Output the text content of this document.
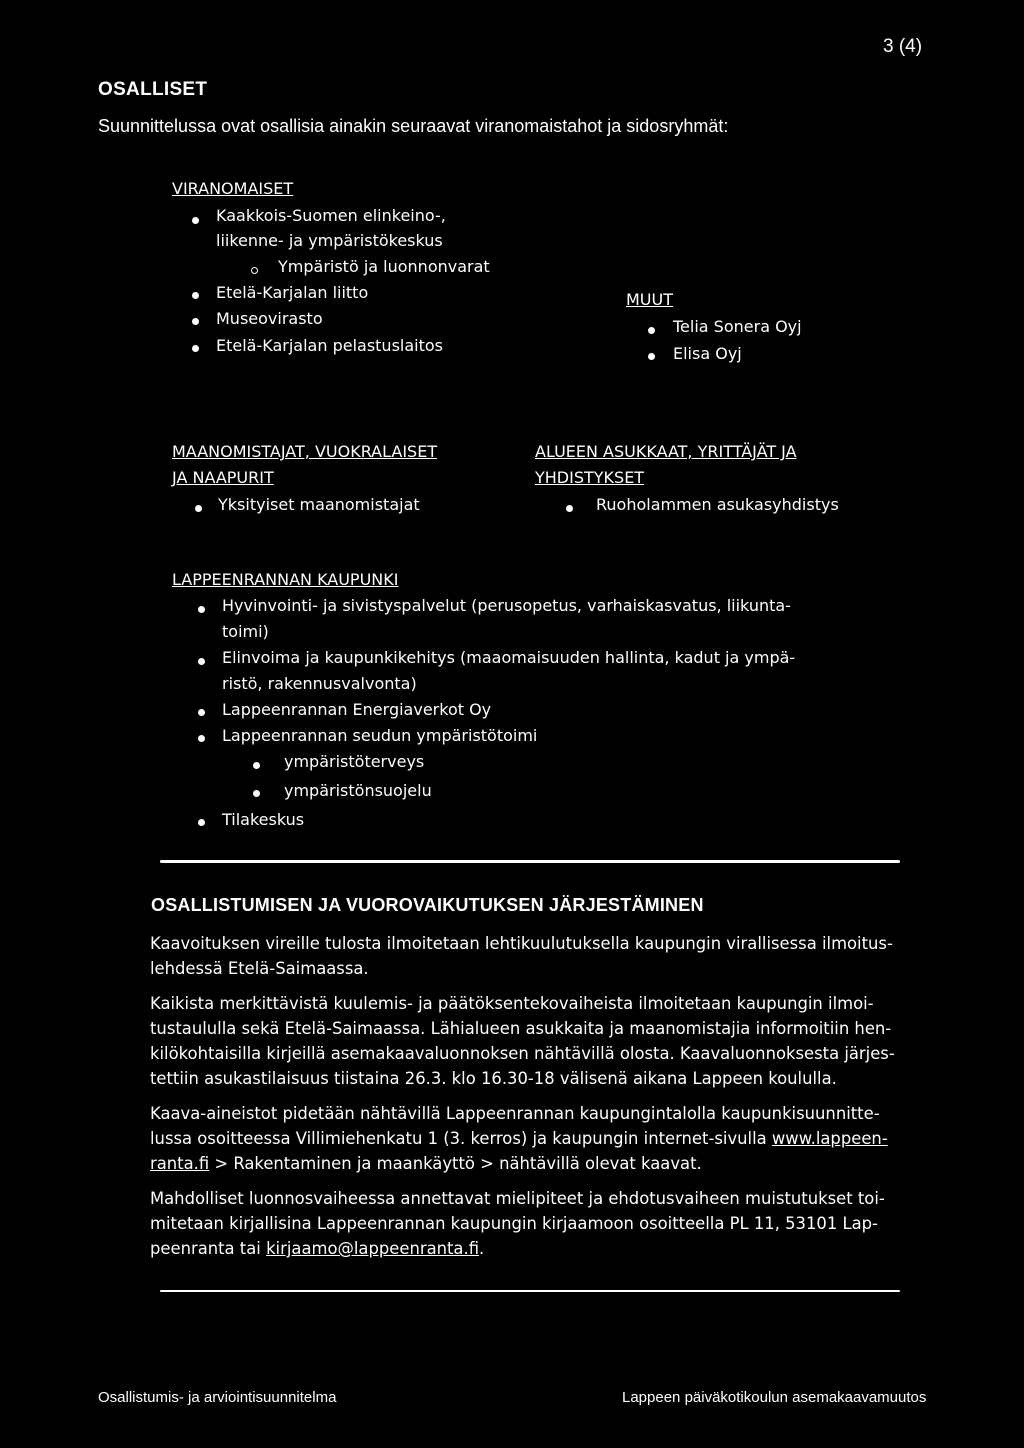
3 (4)
OSALLISET
Suunnittelussa ovat osallisia ainakin seuraavat viranomaistahot ja sidosryhmät:
VIRANOMAISET
Kaakkois-Suomen elinkeino-,
liikenne- ja ympäristökeskus
Ympäristö ja luonnonvarat
Etelä-Karjalan liitto
Museovirasto
Etelä-Karjalan pelastuslaitos
MUUT
Telia Sonera Oyj
Elisa Oyj
MAANOMISTAJAT, VUOKRALAISET
JA NAAPURIT
Yksityiset maanomistajat
ALUEEN ASUKKAAT, YRITTÄJÄT JA
YHDISTYKSET
Ruoholammen asukasyhdistys
LAPPEENRANNAN KAUPUNKI
Hyvinvointi- ja sivistyspalvelut (perusopetus, varhaiskasvatus, liikunta-
toimi)
Elinvoima ja kaupunkikehitys (maaomaisuuden hallinta, kadut ja ympä-
ristö, rakennusvalvonta)
Lappeenrannan Energiaverkot Oy
Lappeenrannan seudun ympäristötoimi
ympäristöterveys
ympäristönsuojelu
Tilakeskus
OSALLISTUMISEN JA VUOROVAIKUTUKSEN JÄRJESTÄMINEN
Kaavoituksen vireille tulosta ilmoitetaan lehtikuulutuksella kaupungin virallisessa ilmoitus-
lehdessä Etelä-Saimaassa.
Kaikista merkittävistä kuulemis- ja päätöksentekovaiheista ilmoitetaan kaupungin ilmoi-
tustaululla sekä Etelä-Saimaassa. Lähialueen asukkaita ja maanomistajia informoitiin hen-
kilökohtaisilla kirjeillä asemakaavaluonnoksen nähtävillä olosta. Kaavaluonnoksesta järjes-
tettiin asukastilaisuus tiistaina 26.3. klo 16.30-18 välisenä aikana Lappeen koululla.
Kaava-aineistot pidetään nähtävillä Lappeenrannan kaupungintalolla kaupunkisuunnitte-
lussa osoitteessa Villimiehenkatu 1 (3. kerros) ja kaupungin internet-sivulla www.lappeen-
ranta.fi > Rakentaminen ja maankäyttö > nähtävillä olevat kaavat.
Mahdolliset luonnosvaiheessa annettavat mielipiteet ja ehdotusvaiheen muistutukset toi-
mitetaan kirjallisina Lappeenrannan kaupungin kirjaamoon osoitteella PL 11, 53101 Lap-
peenranta tai kirjaamo@lappeenranta.fi.
Osallistumis- ja arviointisuunnitelma	Lappeen päiväkotikoulun asemakaavamuutos
